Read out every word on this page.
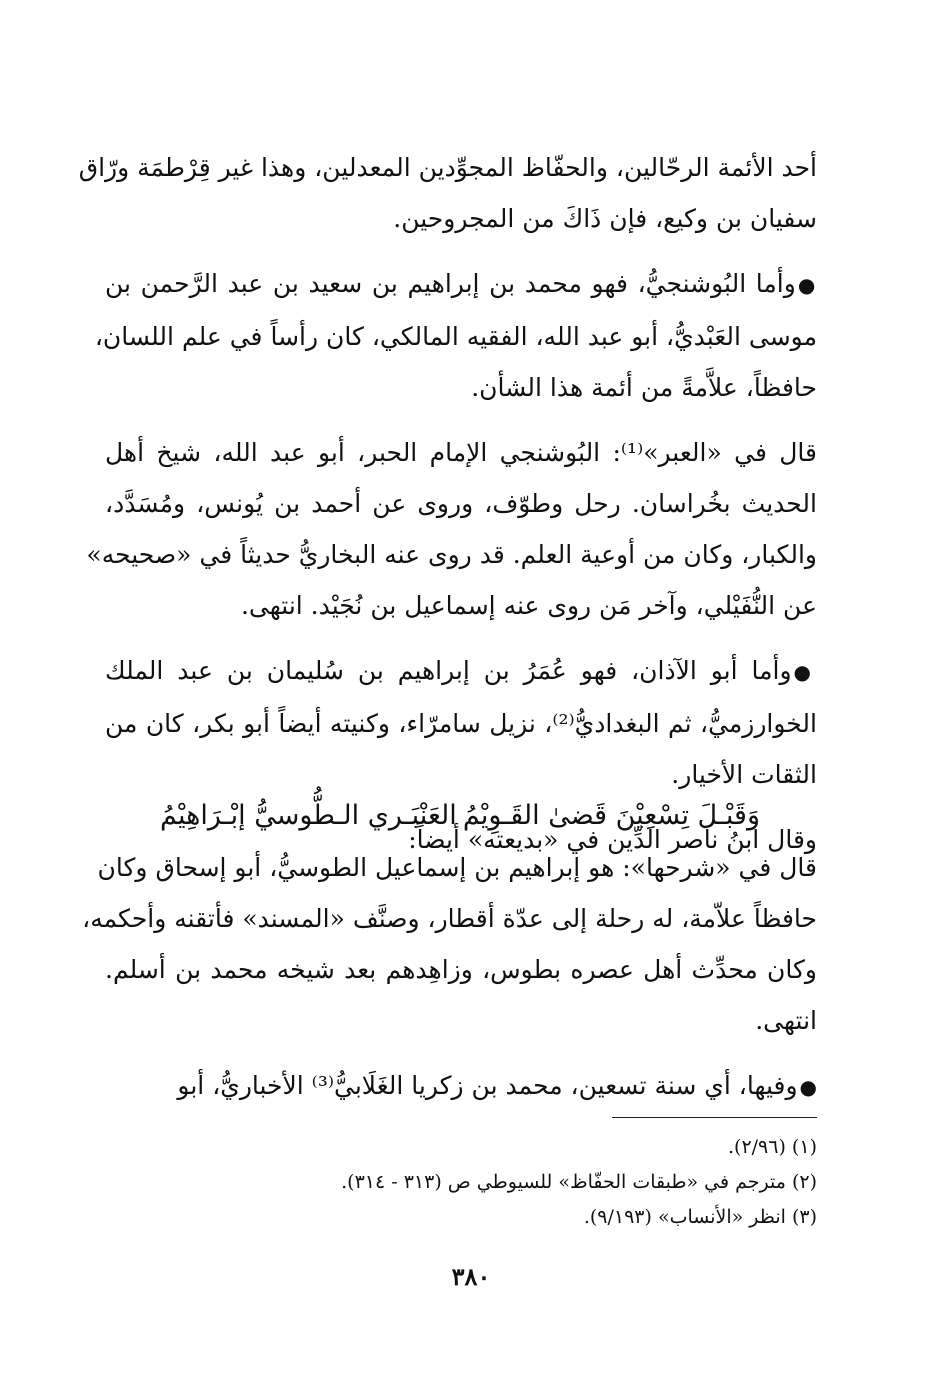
أحد الأئمة الرحّالين، والحفّاظ المجوِّدين المعدلين، وهذا غير قِرْطمَة ورّاق
سفيان بن وكيع، فإن ذَاكَ من المجروحين.
●وأما البُوشنجيُّ، فهو محمد بن إبراهيم بن سعيد بن عبد الرَّحمن بن
موسى العَبْديُّ، أبو عبد الله، الفقيه المالكي، كان رأساً في علم اللسان،
حافظاً، علاَّمةً من أئمة هذا الشأن.
قال في «العبر»⁽¹⁾: البُوشنجي الإمام الحبر، أبو عبد الله، شيخ أهل
الحديث بخُراسان. رحل وطوّف، وروى عن أحمد بن يُونس، ومُسَدَّد،
والكبار، وكان من أوعية العلم. قد روى عنه البخاريُّ حديثاً في «صحيحه»
عن النُّفَيْلي، وآخر مَن روى عنه إسماعيل بن نُجَيْد. انتهى.
●وأما أبو الآذان، فهو عُمَرُ بن إبراهيم بن سُليمان بن عبد الملك
الخوارزميُّ، ثم البغداديُّ⁽²⁾، نزيل سامرّاء، وكنيته أيضاً أبو بكر، كان من
الثقات الأخيار.
وقال ابنُ ناصر الدِّين في «بديعته» أيضاً:
وَقَبْـلَ تِسْعِيْنَ قَضىٰ القَـوِيْمُ
العَنْبَـري الـطُّوسيُّ إبْـرَاهِيْمُ
قال في «شرحها»: هو إبراهيم بن إسماعيل الطوسيُّ، أبو إسحاق وكان
حافظاً علاّمة، له رحلة إلى عدّة أقطار، وصنَّف «المسند» فأتقنه وأحكمه،
وكان محدِّث أهل عصره بطوس، وزاهِدهم بعد شيخه محمد بن أسلم.
انتهى.
●وفيها، أي سنة تسعين، محمد بن زكريا الغَلَابيُّ⁽³⁾ الأخباريُّ، أبو
(١) (٢/٩٦).
(٢) مترجم في «طبقات الحفّاظ» للسيوطي ص (٣١٣ - ٣١٤).
(٣) انظر «الأنساب» (٩/١٩٣).
٣٨٠
